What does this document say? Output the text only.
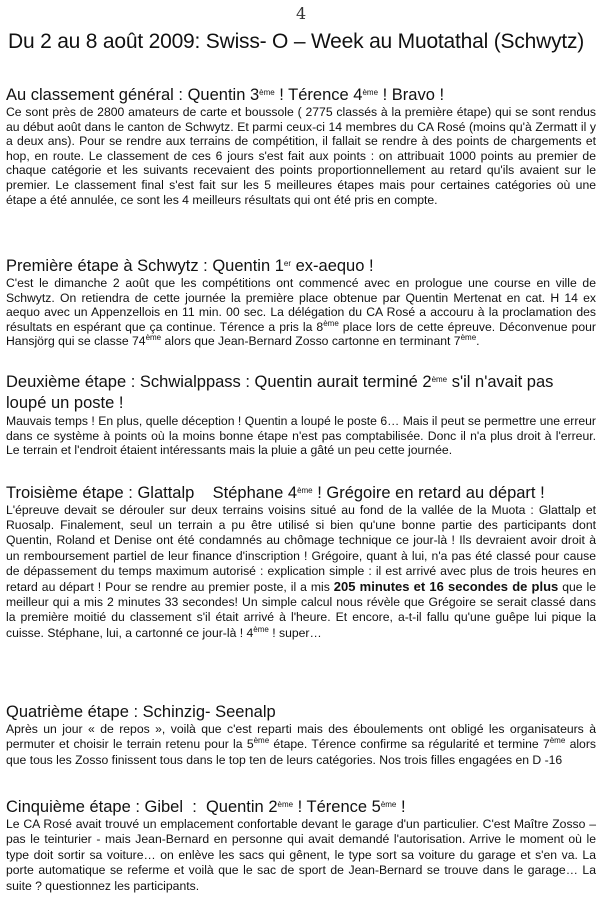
4
Du 2 au 8 août 2009: Swiss- O – Week au Muotathal (Schwytz)
Au classement général : Quentin 3ème ! Térence 4ème ! Bravo !

Ce sont près de 2800 amateurs de carte et boussole ( 2775 classés à la première étape) qui se sont rendus au début août dans le canton de Schwytz. Et parmi ceux-ci 14 membres du CA Rosé (moins qu'à Zermatt il y a deux ans). Pour se rendre aux terrains de compétition, il fallait se rendre à des points de chargements et hop, en route. Le classement de ces 6 jours s'est fait aux points : on attribuait 1000 points au premier de chaque catégorie et les suivants recevaient des points proportionnellement au retard qu'ils avaient sur le premier. Le classement final s'est fait sur les 5 meilleures étapes mais pour certaines catégories où une étape a été annulée, ce sont les 4 meilleurs résultats qui ont été pris en compte.

Première étape à Schwytz : Quentin 1er ex-aequo !

C'est le dimanche 2 août que les compétitions ont commencé avec en prologue une course en ville de Schwytz. On retiendra de cette journée la première place obtenue par Quentin Mertenat en cat. H 14 ex aequo avec un Appenzellois en 11 min. 00 sec. La délégation du CA Rosé a accouru à la proclamation des résultats en espérant que ça continue. Térence a pris la 8ème place lors de cette épreuve. Déconvenue pour Hansjörg qui se classe 74ème alors que Jean-Bernard Zosso cartonne en terminant 7ème.

Deuxième étape : Schwialppass : Quentin aurait terminé 2ème s'il n'avait pas loupé un poste !

Mauvais temps ! En plus, quelle déception ! Quentin a loupé le poste 6… Mais il peut se permettre une erreur dans ce système à points où la moins bonne étape n'est pas comptabilisée. Donc il n'a plus droit à l'erreur. Le terrain et l'endroit étaient intéressants mais la pluie a gâté un peu cette journée.

Troisième étape : Glattalp    Stéphane 4ème ! Grégoire en retard au départ !

L'épreuve devait se dérouler sur deux terrains voisins situé au fond de la vallée de la Muota : Glattalp et Ruosalp. Finalement, seul un terrain a pu être utilisé si bien qu'une bonne partie des participants dont Quentin, Roland et Denise ont été condamnés au chômage technique ce jour-là ! Ils devraient avoir droit à un remboursement partiel de leur finance d'inscription ! Grégoire, quant à lui, n'a pas été classé pour cause de dépassement du temps maximum autorisé : explication simple : il est arrivé avec plus de trois heures en retard au départ ! Pour se rendre au premier poste, il a mis 205 minutes et 16 secondes de plus que le meilleur qui a mis 2 minutes 33 secondes! Un simple calcul nous révèle que Grégoire se serait classé dans la première moitié du classement s'il était arrivé à l'heure. Et encore, a-t-il fallu qu'une guêpe lui pique la cuisse. Stéphane, lui, a cartonné ce jour-là ! 4ème ! super…

Quatrième étape : Schinzig- Seenalp

Après un jour « de repos », voilà que c'est reparti mais des éboulements ont obligé les organisateurs à permuter et choisir le terrain retenu pour la 5ème étape. Térence confirme sa régularité et termine 7ème alors que tous les Zosso finissent tous dans le top ten de leurs catégories. Nos trois filles engagées en D -16

Cinquième étape : Gibel  :  Quentin 2ème ! Térence 5ème !

Le CA Rosé avait trouvé un emplacement confortable devant le garage d'un particulier. C'est Maître Zosso – pas le teinturier - mais Jean-Bernard en personne qui avait demandé l'autorisation. Arrive le moment où le type doit sortir sa voiture… on enlève les sacs qui gênent, le type sort sa voiture du garage et s'en va. La porte automatique se referme et voilà que le sac de sport de Jean-Bernard se trouve dans le garage… La suite ? questionnez les participants.
